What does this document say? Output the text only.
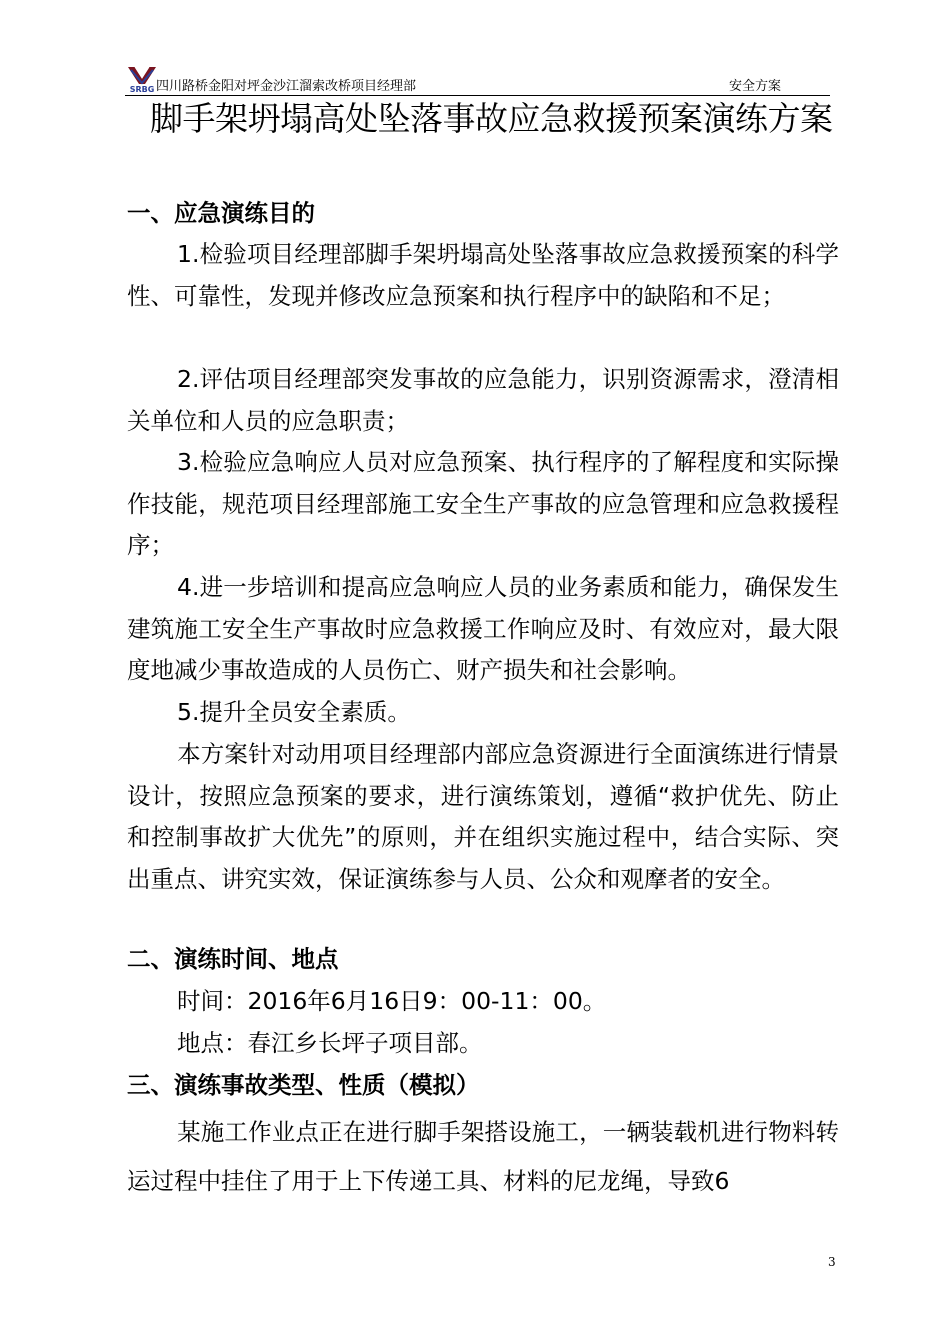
SRBG 四川路桥金阳对坪金沙江溜索改桥项目经理部	安全方案
脚手架坍塌高处坠落事故应急救援预案演练方案
一、应急演练目的
1.检验项目经理部脚手架坍塌高处坠落事故应急救援预案的科学性、可靠性，发现并修改应急预案和执行程序中的缺陷和不足；
2.评估项目经理部突发事故的应急能力，识别资源需求，澄清相关单位和人员的应急职责；
3.检验应急响应人员对应急预案、执行程序的了解程度和实际操作技能，规范项目经理部施工安全生产事故的应急管理和应急救援程序；
4.进一步培训和提高应急响应人员的业务素质和能力，确保发生建筑施工安全生产事故时应急救援工作响应及时、有效应对，最大限度地减少事故造成的人员伤亡、财产损失和社会影响。
5.提升全员安全素质。
本方案针对动用项目经理部内部应急资源进行全面演练进行情景设计，按照应急预案的要求，进行演练策划，遵循“救护优先、防止和控制事故扩大优先”的原则，并在组织实施过程中，结合实际、突出重点、讲究实效，保证演练参与人员、公众和观摩者的安全。
二、演练时间、地点
时间：2016年6月16日9：00-11：00。
地点：春江乡长坪子项目部。
三、演练事故类型、性质（模拟）
某施工作业点正在进行脚手架搭设施工，一辆装载机进行物料转运过程中挂住了用于上下传递工具、材料的尼龙绳，导致6
3
